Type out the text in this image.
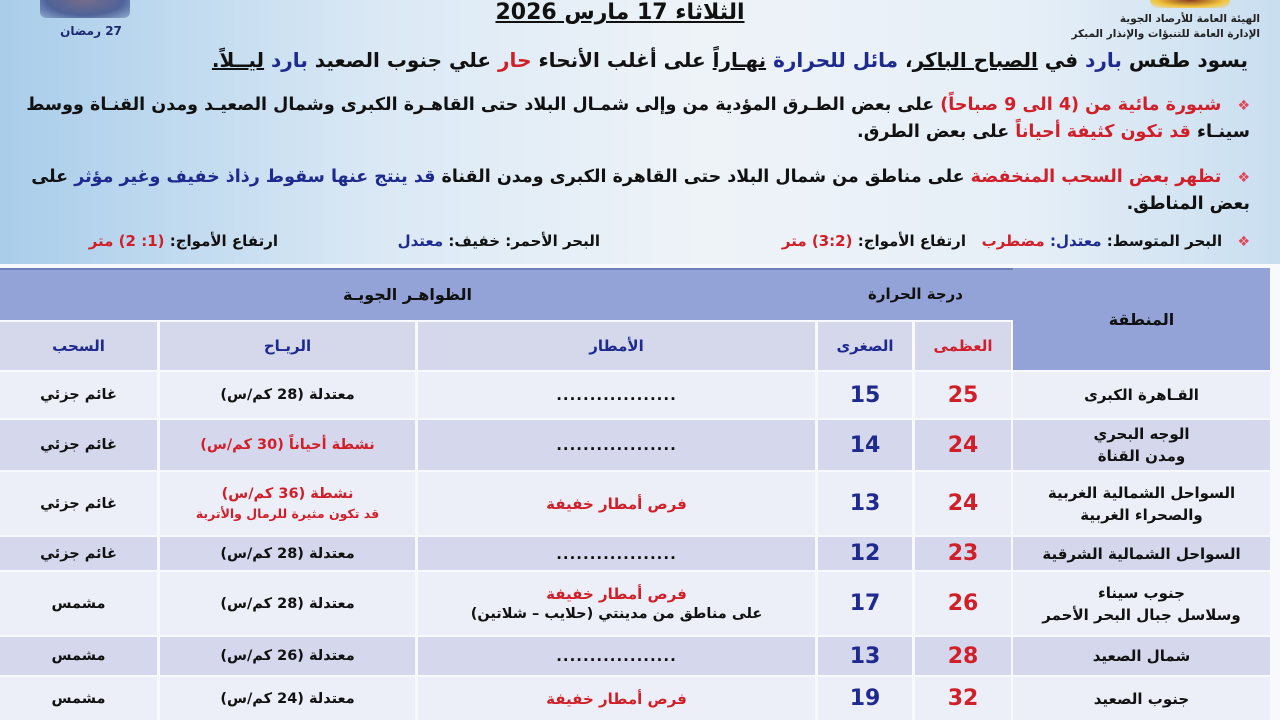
27 رمضان
الثلاثاء 17 مارس 2026	الهيئة العامة للأرصاد الجوية
الإدارة العامة للتنبؤات والإنذار المبكر
يسود طقس بارد في الصباح الباكر، مائل للحرارة نهـاراً على أغلب الأنحاء حار علي جنوب الصعيد بارد ليــلاً.
❖ شبورة مائية من (4 الى 9 صباحاً) على بعض الطـرق المؤدية من وإلى شمـال البلاد حتى القاهـرة الكبرى وشمال الصعيـد ومدن القنـاة ووسط سينـاء قد تكون كثيفة أحياناً على بعض الطرق.
❖ تظهر بعض السحب المنخفضة على مناطق من شمال البلاد حتى القاهرة الكبرى ومدن القناة قد ينتج عنها سقوط رذاذ خفيف وغير مؤثر على بعض المناطق.
❖ البحر المتوسط: معتدل: مضطرب   ارتفاع الأمواج: (3:2) متر
البحر الأحمر: خفيف: معتدل
ارتفاع الأمواج: (1: 2) متر
المنطقة
درجة الحرارة
الظواهـر الجويـة
العظمى
الصغرى
الأمطار
الريـاح
السحب
القـاهرة الكبرى
25
15
..................
معتدلة (28 كم/س)
غائم جزئي
الوجه البحري
ومدن القناة
24
14
..................
نشطة أحياناً (30 كم/س)
غائم جزئي
السواحل الشمالية الغربية
والصحراء الغربية
24
13
فرص أمطار خفيفة
نشطة (36 كم/س)
قد تكون مثيرة للرمال والأتربة
غائم جزئي
السواحل الشمالية الشرقية
23
12
..................
معتدلة (28 كم/س)
غائم جزئي
جنوب سيناء
وسلاسل جبال البحر الأحمر
26
17
فرص أمطار خفيفة
على مناطق من مدينتي (حلايب – شلاتين)
معتدلة (28 كم/س)
مشمس
شمال الصعيد
28
13
..................
معتدلة (26 كم/س)
مشمس
جنوب الصعيد
32
19
فرص أمطار خفيفة
معتدلة (24 كم/س)
مشمس
